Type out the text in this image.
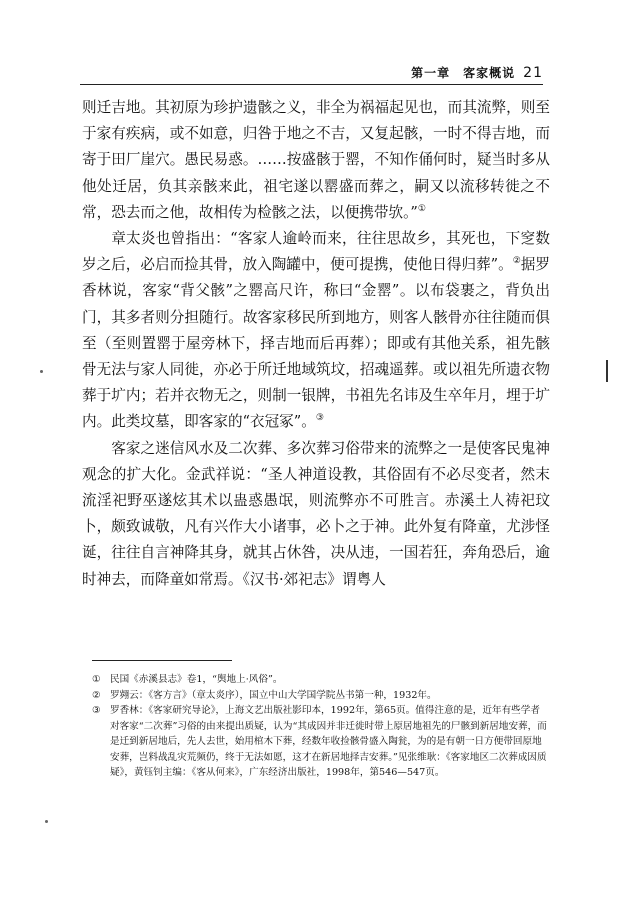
第一章　客家概说 21

则迁吉地。其初原为珍护遗骸之义，非全为祸福起见也，而其流弊，则至于家有疾病，或不如意，归咎于地之不吉，又复起骸，一时不得吉地，而寄于田厂崖穴。愚民易惑。……按盛骸于罂，不知作俑何时，疑当时多从他处迁居，负其亲骸来此，祖宅遂以罂盛而葬之，嗣又以流移转徙之不常，恐去而之他，故相传为检骸之法，以便携带欤。”①

章太炎也曾指出：“客家人逾岭而来，往往思故乡，其死也，下窆数岁之后，必启而捡其骨，放入陶罐中，便可提携，使他日得归葬”。②据罗香林说，客家“背父骸”之罂高尺许，称曰“金罂”。以布袋裹之，背负出门，其多者则分担随行。故客家移民所到地方，则客人骸骨亦往往随而俱至（至则置罂于屋旁林下，择吉地而后再葬）；即或有其他关系，祖先骸骨无法与家人同徙，亦必于所迁地域筑坟，招魂遥葬。或以祖先所遗衣物葬于圹内；若并衣物无之，则制一银牌，书祖先名讳及生卒年月，埋于圹内。此类坟墓，即客家的“衣冠冢”。③

客家之迷信风水及二次葬、多次葬习俗带来的流弊之一是使客民鬼神观念的扩大化。金武祥说：“圣人神道设教，其俗固有不必尽变者，然末流淫祀野巫遂炫其术以蛊惑愚氓，则流弊亦不可胜言。赤溪土人祷祀玟卜，颇致诚敬，凡有兴作大小诸事，必卜之于神。此外复有降童，尤涉怪诞，往往自言神降其身，就其占休咎，决从违，一国若狂，奔角恐后，逾时神去，而降童如常焉。《汉书·郊祀志》谓粤人

① 民国《赤溪县志》卷1，“舆地上·风俗”。

② 罗翙云：《客方言》（章太炎序），国立中山大学国学院丛书第一种，1932年。

③ 罗香林：《客家研究导论》，上海文艺出版社影印本，1992年，第65页。值得注意的是，近年有些学者对客家“二次葬”习俗的由来提出质疑，认为“其成因并非迁徙时带上原居地祖先的尸骸到新居地安葬，而是迁到新居地后，先人去世，始用棺木下葬，经数年收捡骸骨盛入陶瓮，为的是有朝一日方便带回原地安葬，岂料战乱灾荒频仍，终于无法如愿，这才在新居地择吉安葬。”见张维耿：《客家地区二次葬成因质疑》，黄钰钊主编：《客从何来》，广东经济出版社，1998年，第546—547页。
